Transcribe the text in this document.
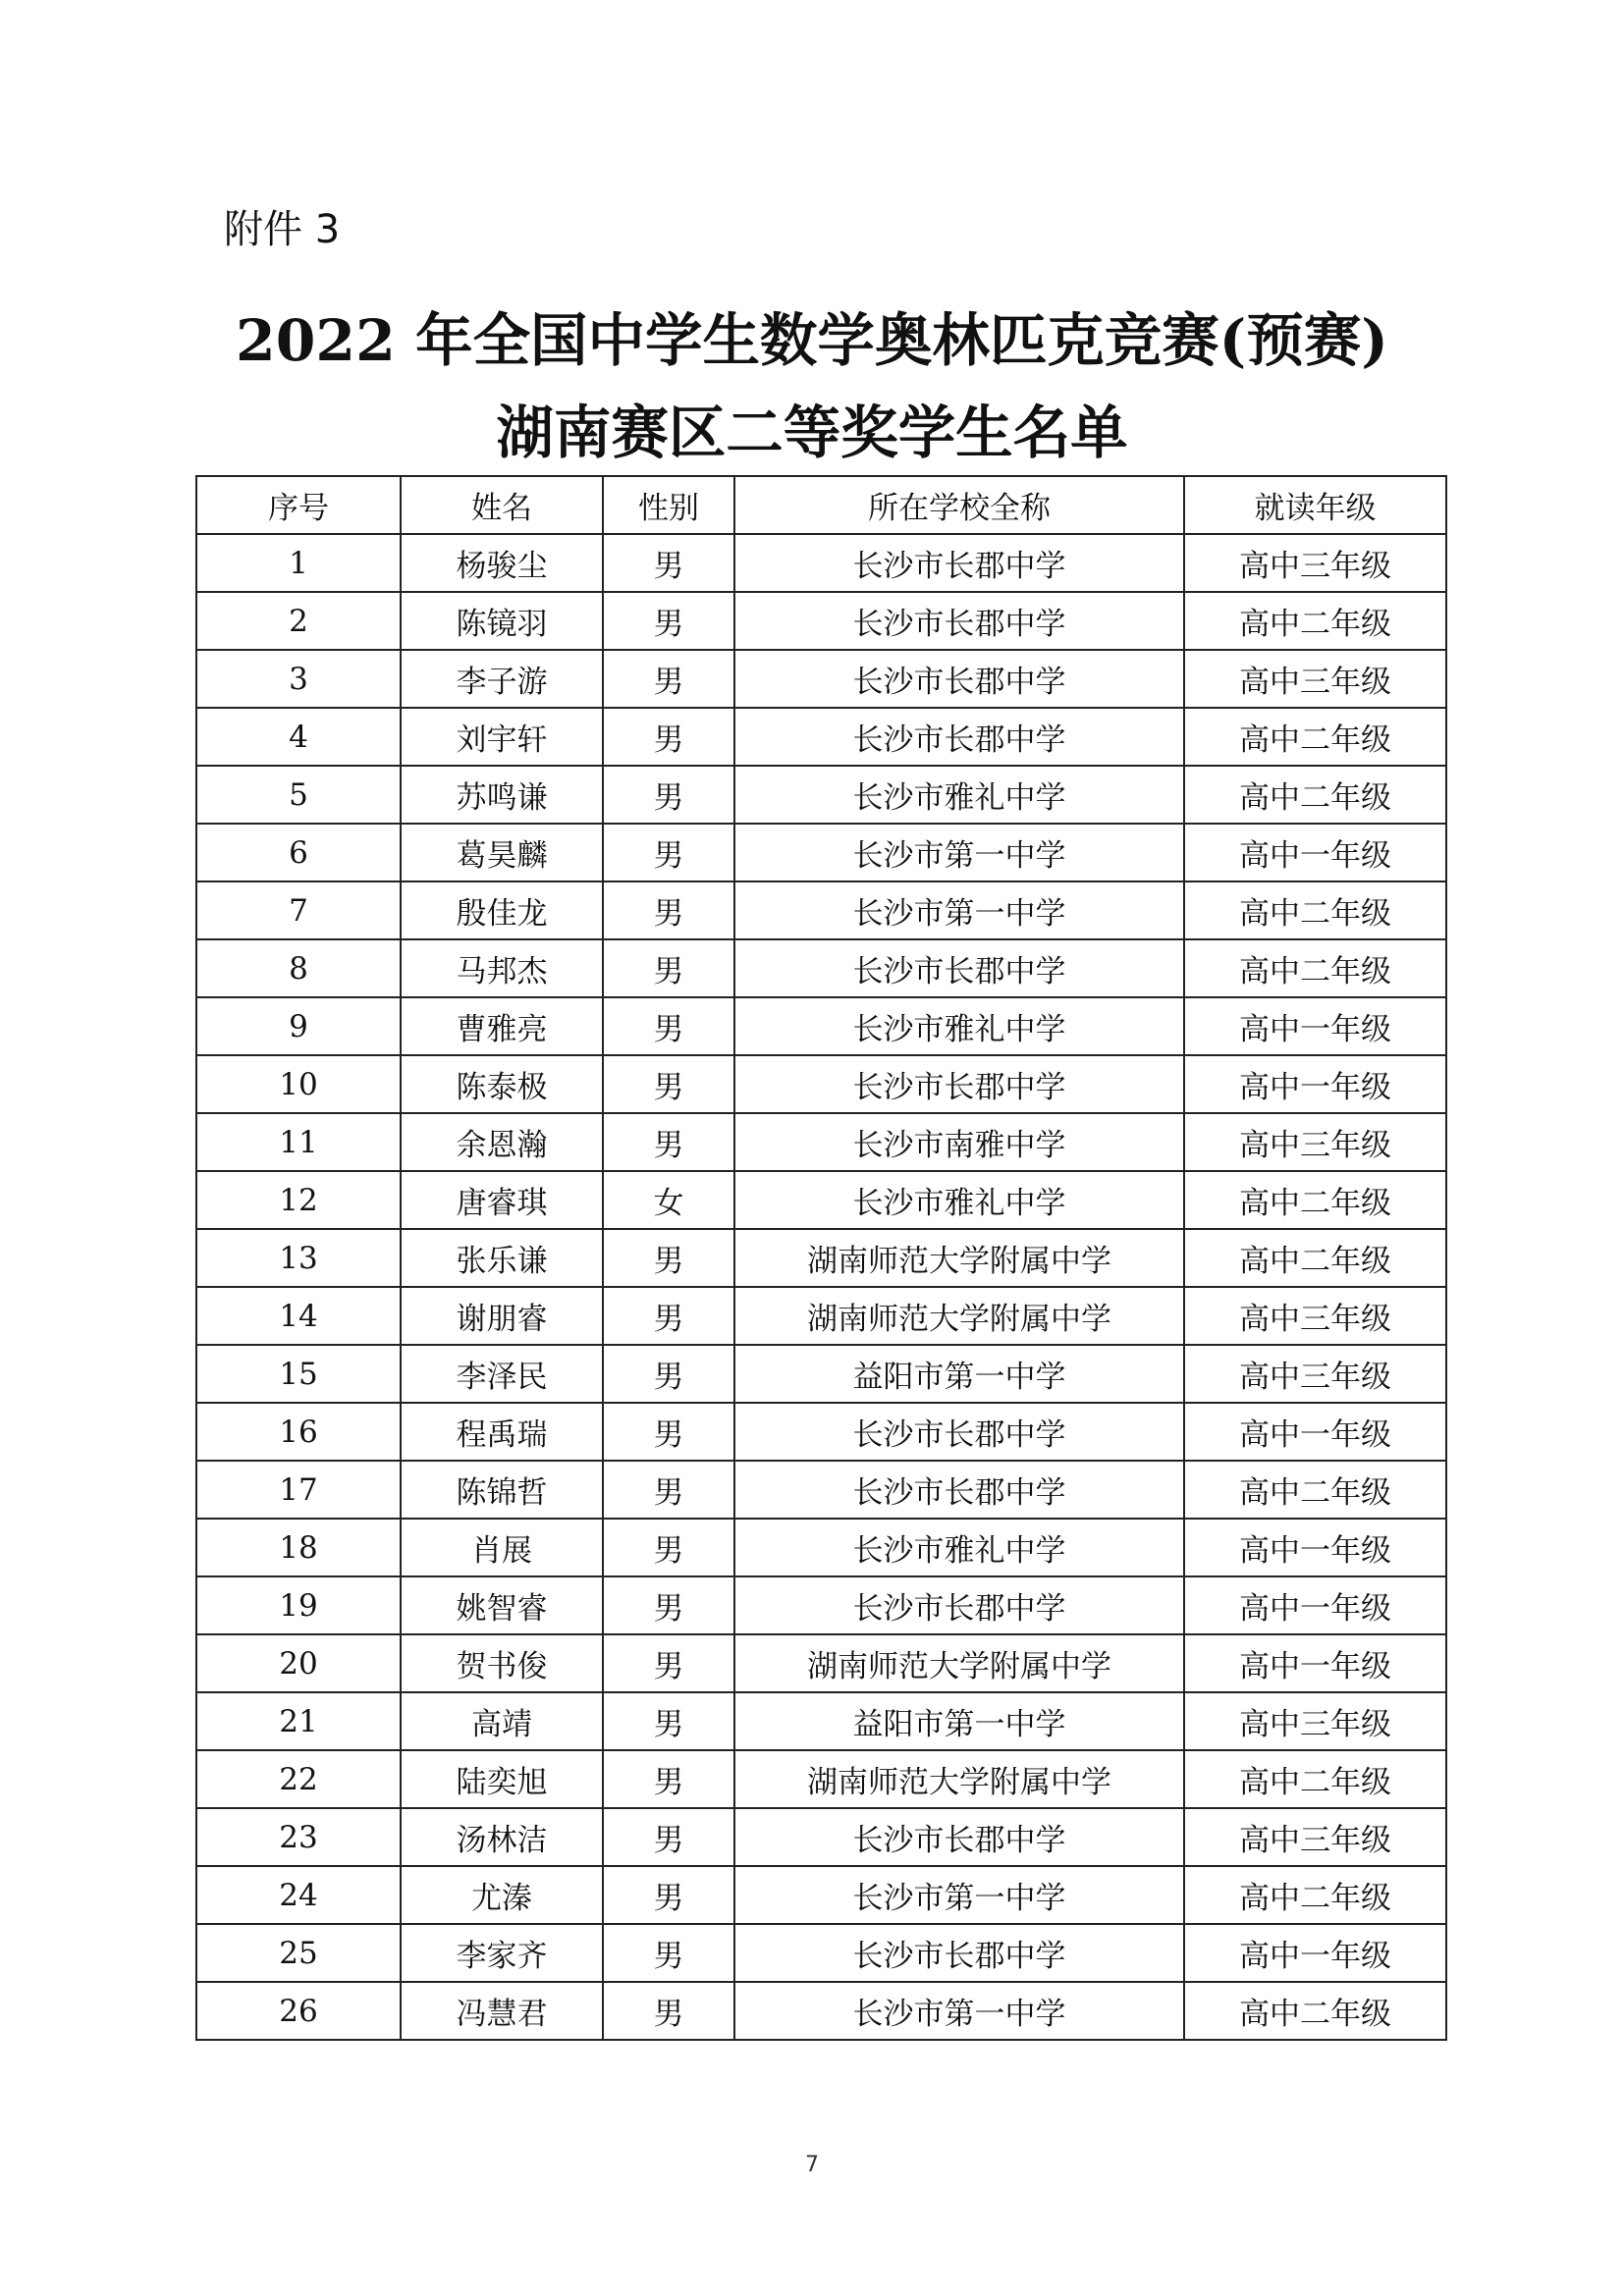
附件 3
2022 年全国中学生数学奥林匹克竞赛(预赛)
湖南赛区二等奖学生名单
序号	姓名	性别	所在学校全称	就读年级
1	杨骏尘	男	长沙市长郡中学	高中三年级
2	陈镜羽	男	长沙市长郡中学	高中二年级
3	李子游	男	长沙市长郡中学	高中三年级
4	刘宇轩	男	长沙市长郡中学	高中二年级
5	苏鸣谦	男	长沙市雅礼中学	高中二年级
6	葛昊麟	男	长沙市第一中学	高中一年级
7	殷佳龙	男	长沙市第一中学	高中二年级
8	马邦杰	男	长沙市长郡中学	高中二年级
9	曹雅亮	男	长沙市雅礼中学	高中一年级
10	陈泰极	男	长沙市长郡中学	高中一年级
11	余恩瀚	男	长沙市南雅中学	高中三年级
12	唐睿琪	女	长沙市雅礼中学	高中二年级
13	张乐谦	男	湖南师范大学附属中学	高中二年级
14	谢朋睿	男	湖南师范大学附属中学	高中三年级
15	李泽民	男	益阳市第一中学	高中三年级
16	程禹瑞	男	长沙市长郡中学	高中一年级
17	陈锦哲	男	长沙市长郡中学	高中二年级
18	肖展	男	长沙市雅礼中学	高中一年级
19	姚智睿	男	长沙市长郡中学	高中一年级
20	贺书俊	男	湖南师范大学附属中学	高中一年级
21	高靖	男	益阳市第一中学	高中三年级
22	陆奕旭	男	湖南师范大学附属中学	高中二年级
23	汤林洁	男	长沙市长郡中学	高中三年级
24	尤溱	男	长沙市第一中学	高中二年级
25	李家齐	男	长沙市长郡中学	高中一年级
26	冯慧君	男	长沙市第一中学	高中二年级
7
